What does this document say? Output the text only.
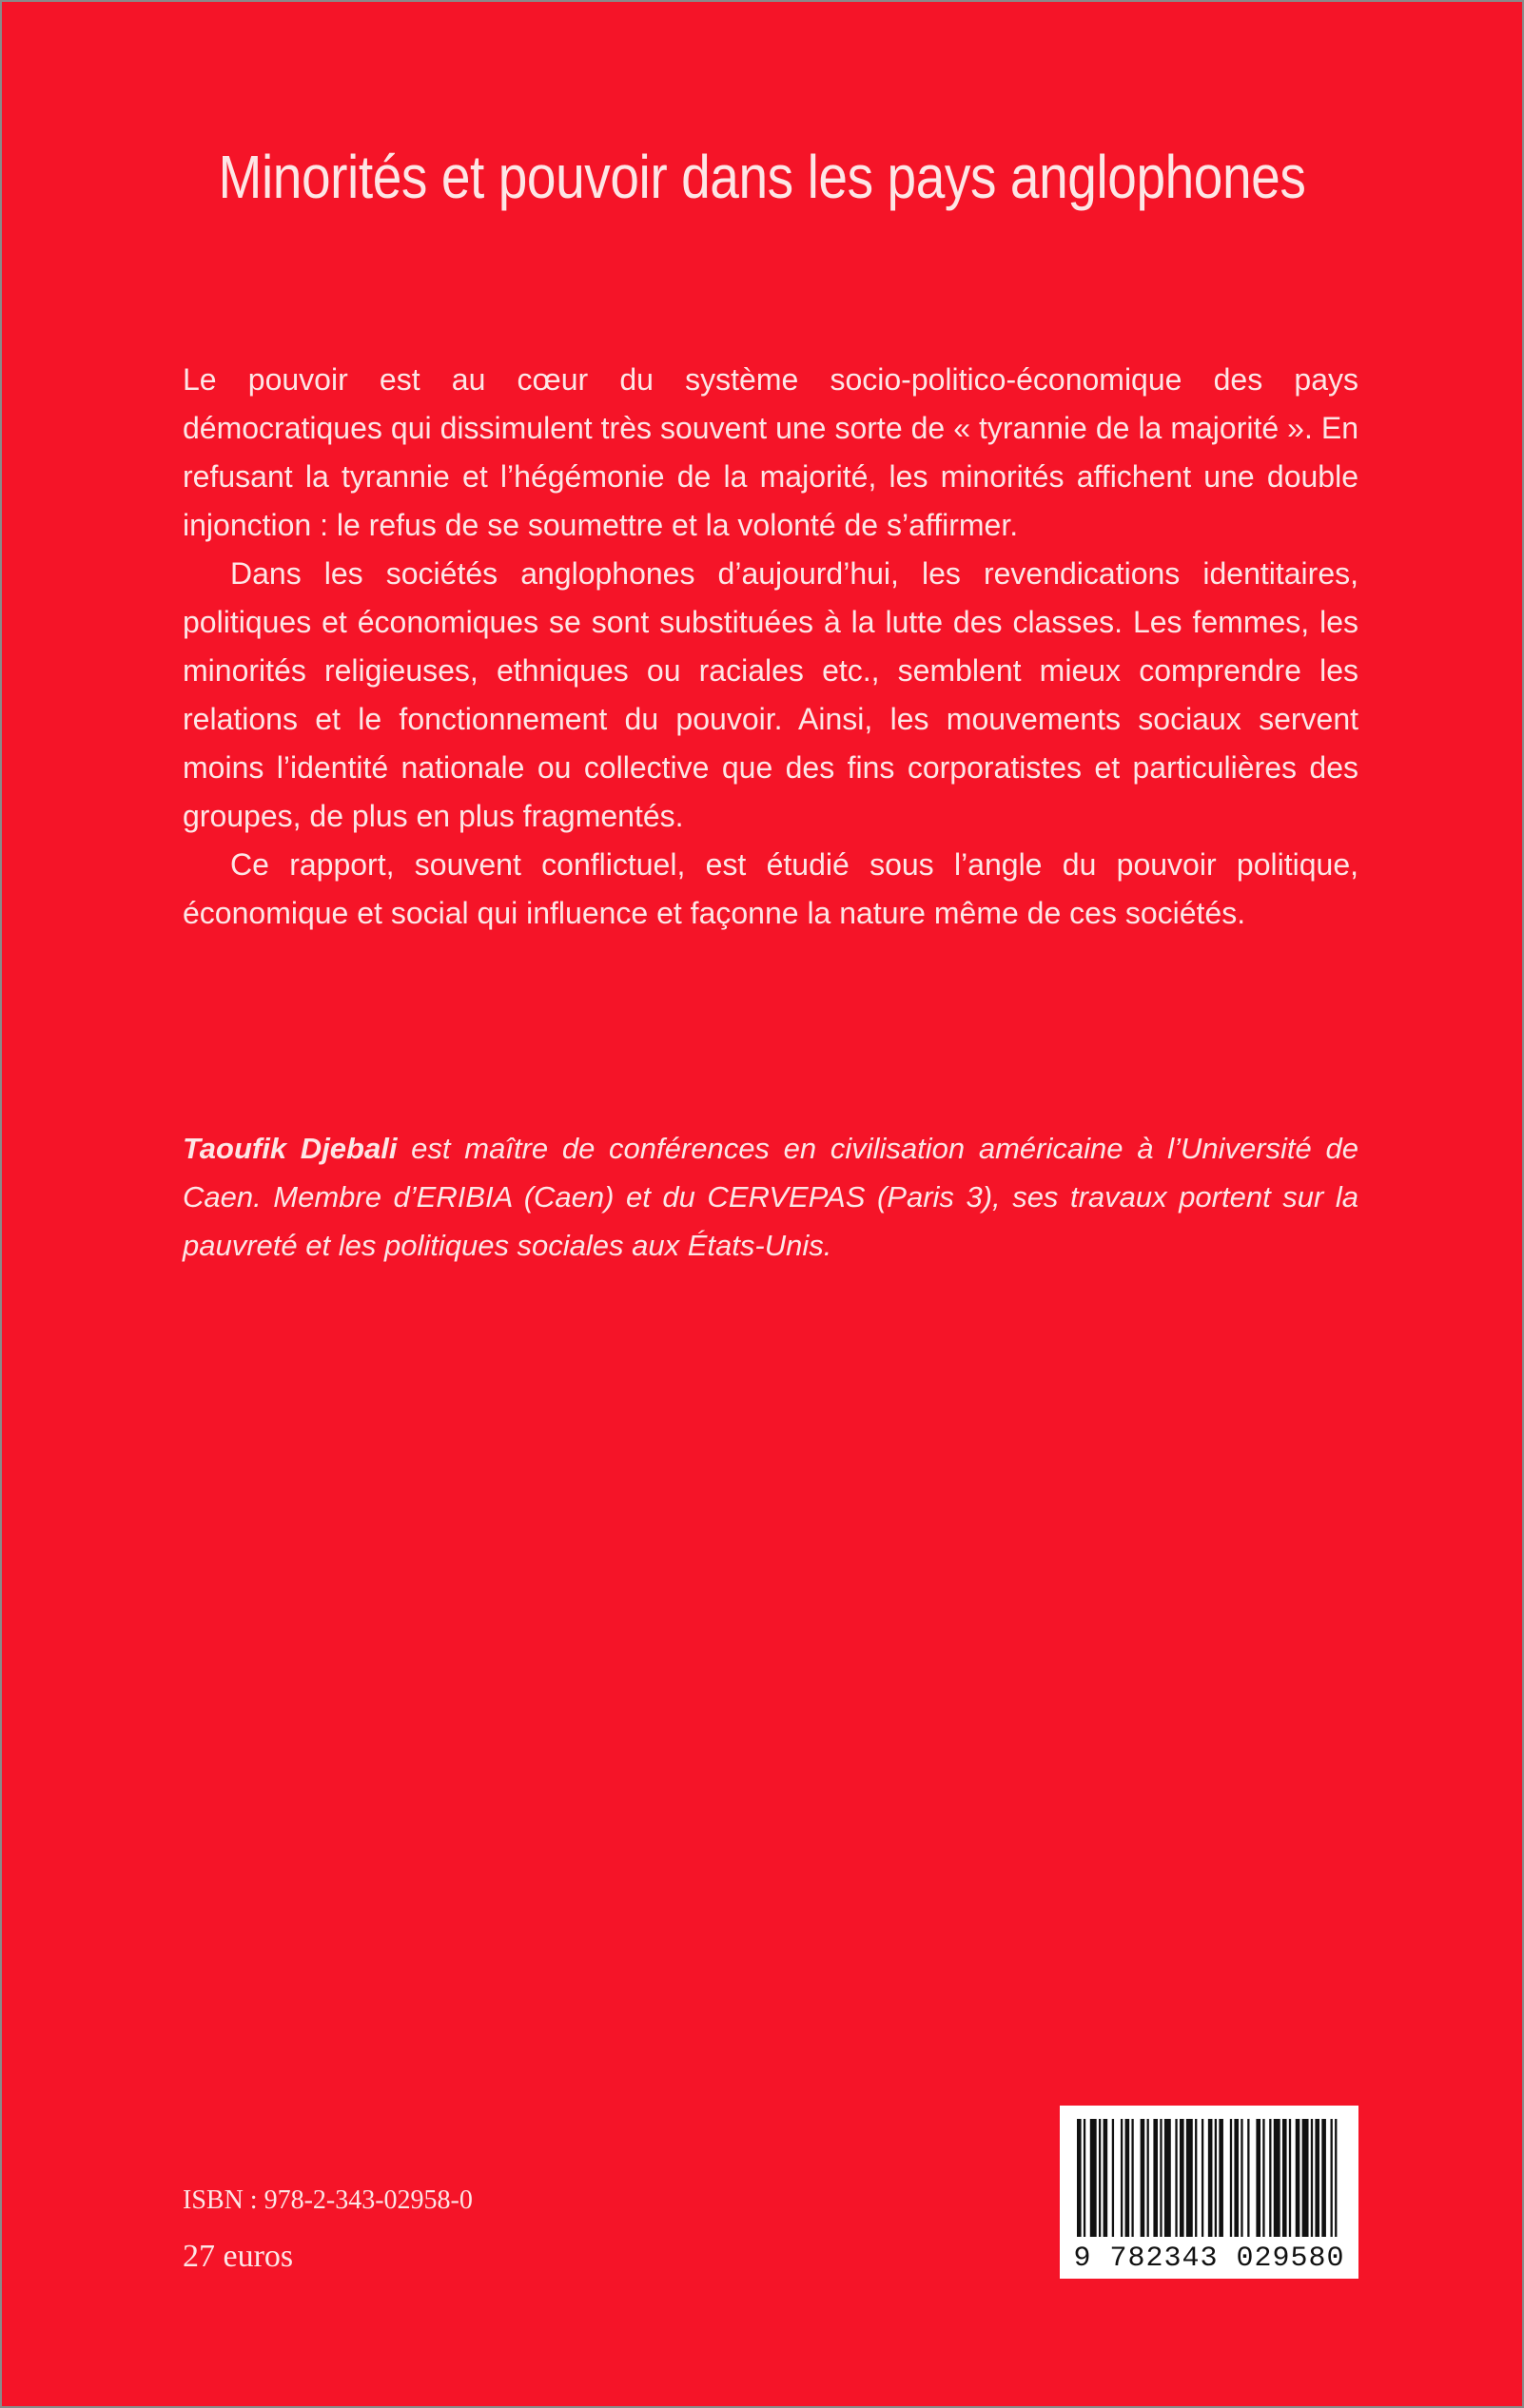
Minorités et pouvoir dans les pays anglophones

Le pouvoir est au cœur du système socio-politico-économique des pays démocratiques qui dissimulent très souvent une sorte de « tyrannie de la majorité ». En refusant la tyrannie et l’hégémonie de la majorité, les minorités affichent une double injonction : le refus de se soumettre et la volonté de s’affirmer.

Dans les sociétés anglophones d’aujourd’hui, les revendications identitaires, politiques et économiques se sont substituées à la lutte des classes. Les femmes, les minorités religieuses, ethniques ou raciales etc., semblent mieux comprendre les relations et le fonctionnement du pouvoir. Ainsi, les mouvements sociaux servent moins l’identité nationale ou collective que des fins corporatistes et particulières des groupes, de plus en plus fragmentés.

Ce rapport, souvent conflictuel, est étudié sous l’angle du pouvoir politique, économique et social qui influence et façonne la nature même de ces sociétés.

Taoufik Djebali est maître de conférences en civilisation américaine à l’Université de Caen. Membre d’ERIBIA (Caen) et du CERVEPAS (Paris 3), ses travaux portent sur la pauvreté et les politiques sociales aux États-Unis.
ISBN : 978-2-343-02958-0
27 euros	9 782343 029580
